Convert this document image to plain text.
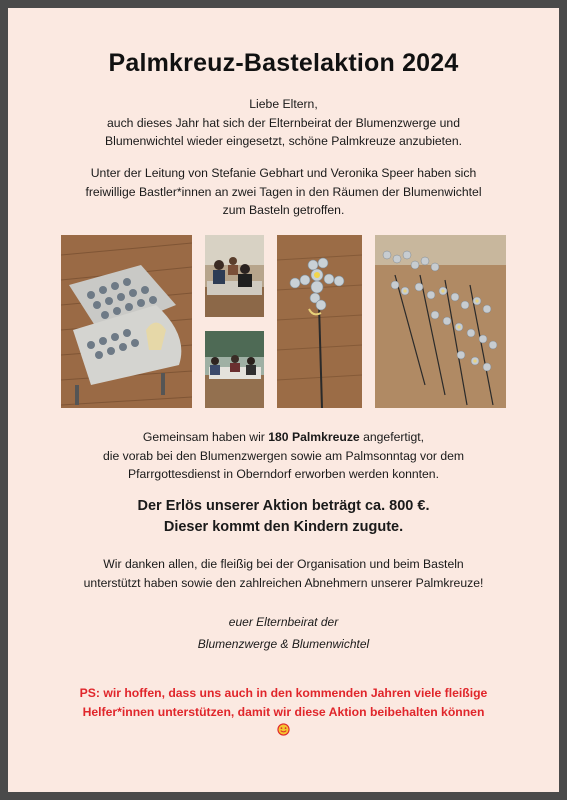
Palmkreuz-Bastelaktion 2024
Liebe Eltern,
auch dieses Jahr hat sich der Elternbeirat der Blumenzwerge und
Blumenwichtel wieder eingesetzt, schöne Palmkreuze anzubieten.
Unter der Leitung von Stefanie Gebhart und Veronika Speer haben sich
freiwillige Bastler*innen an zwei Tagen in den Räumen der Blumenwichtel
zum Basteln getroffen.
Gemeinsam haben wir 180 Palmkreuze angefertigt,
die vorab bei den Blumenzwergen sowie am Palmsonntag vor dem
Pfarrgottesdienst in Oberndorf erworben werden konnten.
Der Erlös unserer Aktion beträgt ca. 800 €.
Dieser kommt den Kindern zugute.
Wir danken allen, die fleißig bei der Organisation und beim Basteln
unterstützt haben sowie den zahlreichen Abnehmern unserer Palmkreuze!
euer Elternbeirat der
Blumenzwerge & Blumenwichtel
PS: wir hoffen, dass uns auch in den kommenden Jahren viele fleißige
Helfer*innen unterstützen, damit wir diese Aktion beibehalten können
